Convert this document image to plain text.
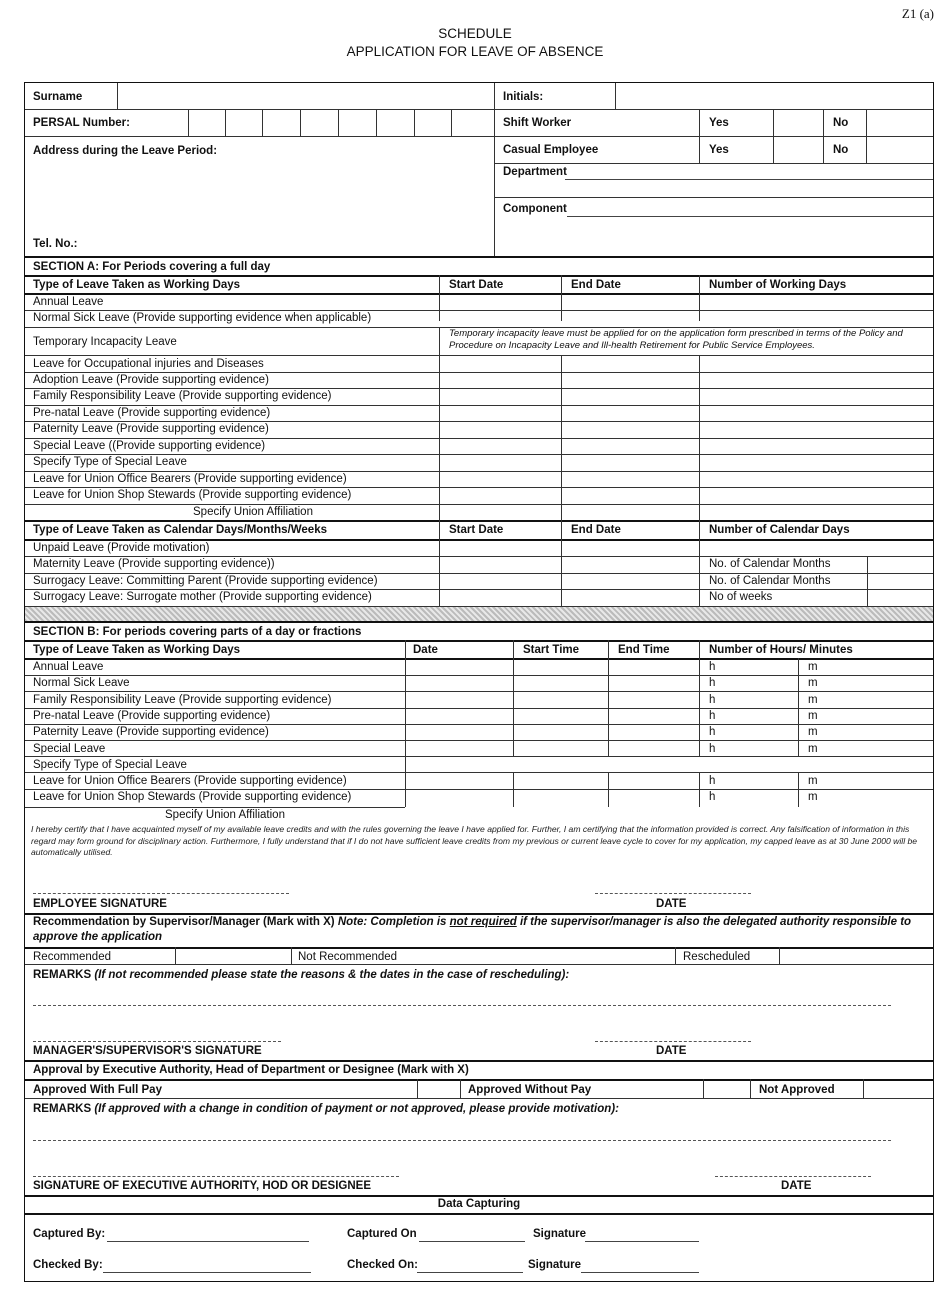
Z1 (a)
SCHEDULE
APPLICATION FOR LEAVE OF ABSENCE
Surname	Initials:
PERSAL Number:	Shift Worker	Yes	No
Address during the Leave Period:	Casual Employee	Yes	No
Department
Component
Tel. No.:
SECTION A: For Periods covering a full day
Type of Leave Taken as Working Days	Start Date	End Date	Number of Working Days
Annual Leave
Normal Sick Leave (Provide supporting evidence when applicable)
Temporary Incapacity Leave
Temporary incapacity leave must be applied for on the application form prescribed in terms of the Policy and Procedure on Incapacity Leave and Ill-health Retirement for Public Service Employees.
Leave for Occupational injuries and Diseases
Adoption Leave (Provide supporting evidence)
Family Responsibility Leave (Provide supporting evidence)
Pre-natal Leave (Provide supporting evidence)
Paternity Leave (Provide supporting evidence)
Special Leave ((Provide supporting evidence)
Specify Type of Special Leave
Leave for Union Office Bearers (Provide supporting evidence)
Leave for Union Shop Stewards (Provide supporting evidence)
Specify Union Affiliation
Type of Leave Taken as Calendar Days/Months/Weeks	Start Date	End Date	Number of Calendar Days
Unpaid Leave (Provide motivation)
Maternity Leave (Provide supporting evidence))	No. of Calendar Months
Surrogacy Leave: Committing Parent (Provide supporting evidence)	No. of Calendar Months
Surrogacy Leave: Surrogate mother (Provide supporting evidence)	No of weeks
SECTION B: For periods covering parts of a day or fractions
Type of Leave Taken as Working Days	Date	Start Time	End Time	Number of Hours/ Minutes
Annual Leave	h	m
Normal Sick Leave	h	m
Family Responsibility Leave (Provide supporting evidence)	h	m
Pre-natal Leave (Provide supporting evidence)	h	m
Paternity Leave (Provide supporting evidence)	h	m
Special Leave	h	m
Specify Type of Special Leave
Leave for Union Office Bearers (Provide supporting evidence)	h	m
Leave for Union Shop Stewards (Provide supporting evidence)	h	m
Specify Union Affiliation
I hereby certify that I have acquainted myself of my available leave credits and with the rules governing the leave I have applied for. Further, I am certifying that the information provided is correct. Any falsification of information in this regard may form ground for disciplinary action. Furthermore, I fully understand that if I do not have sufficient leave credits from my previous or current leave cycle to cover for my application, my capped leave as at 30 June 2000 will be automatically utilised.
EMPLOYEE SIGNATURE	DATE
Recommendation by Supervisor/Manager (Mark with X) Note: Completion is not required if the supervisor/manager is also the delegated authority responsible to approve the application
Recommended	Not Recommended	Rescheduled
REMARKS (If not recommended please state the reasons & the dates in the case of rescheduling):
MANAGER'S/SUPERVISOR'S SIGNATURE	DATE
Approval by Executive Authority, Head of Department or Designee (Mark with X)
Approved With Full Pay	Approved Without Pay	Not Approved
REMARKS (If approved with a change in condition of payment or not approved, please provide motivation):
SIGNATURE OF EXECUTIVE AUTHORITY, HOD OR DESIGNEE	DATE
Data Capturing
Captured By:	Captured On	Signature
Checked By:	Checked On:	Signature
